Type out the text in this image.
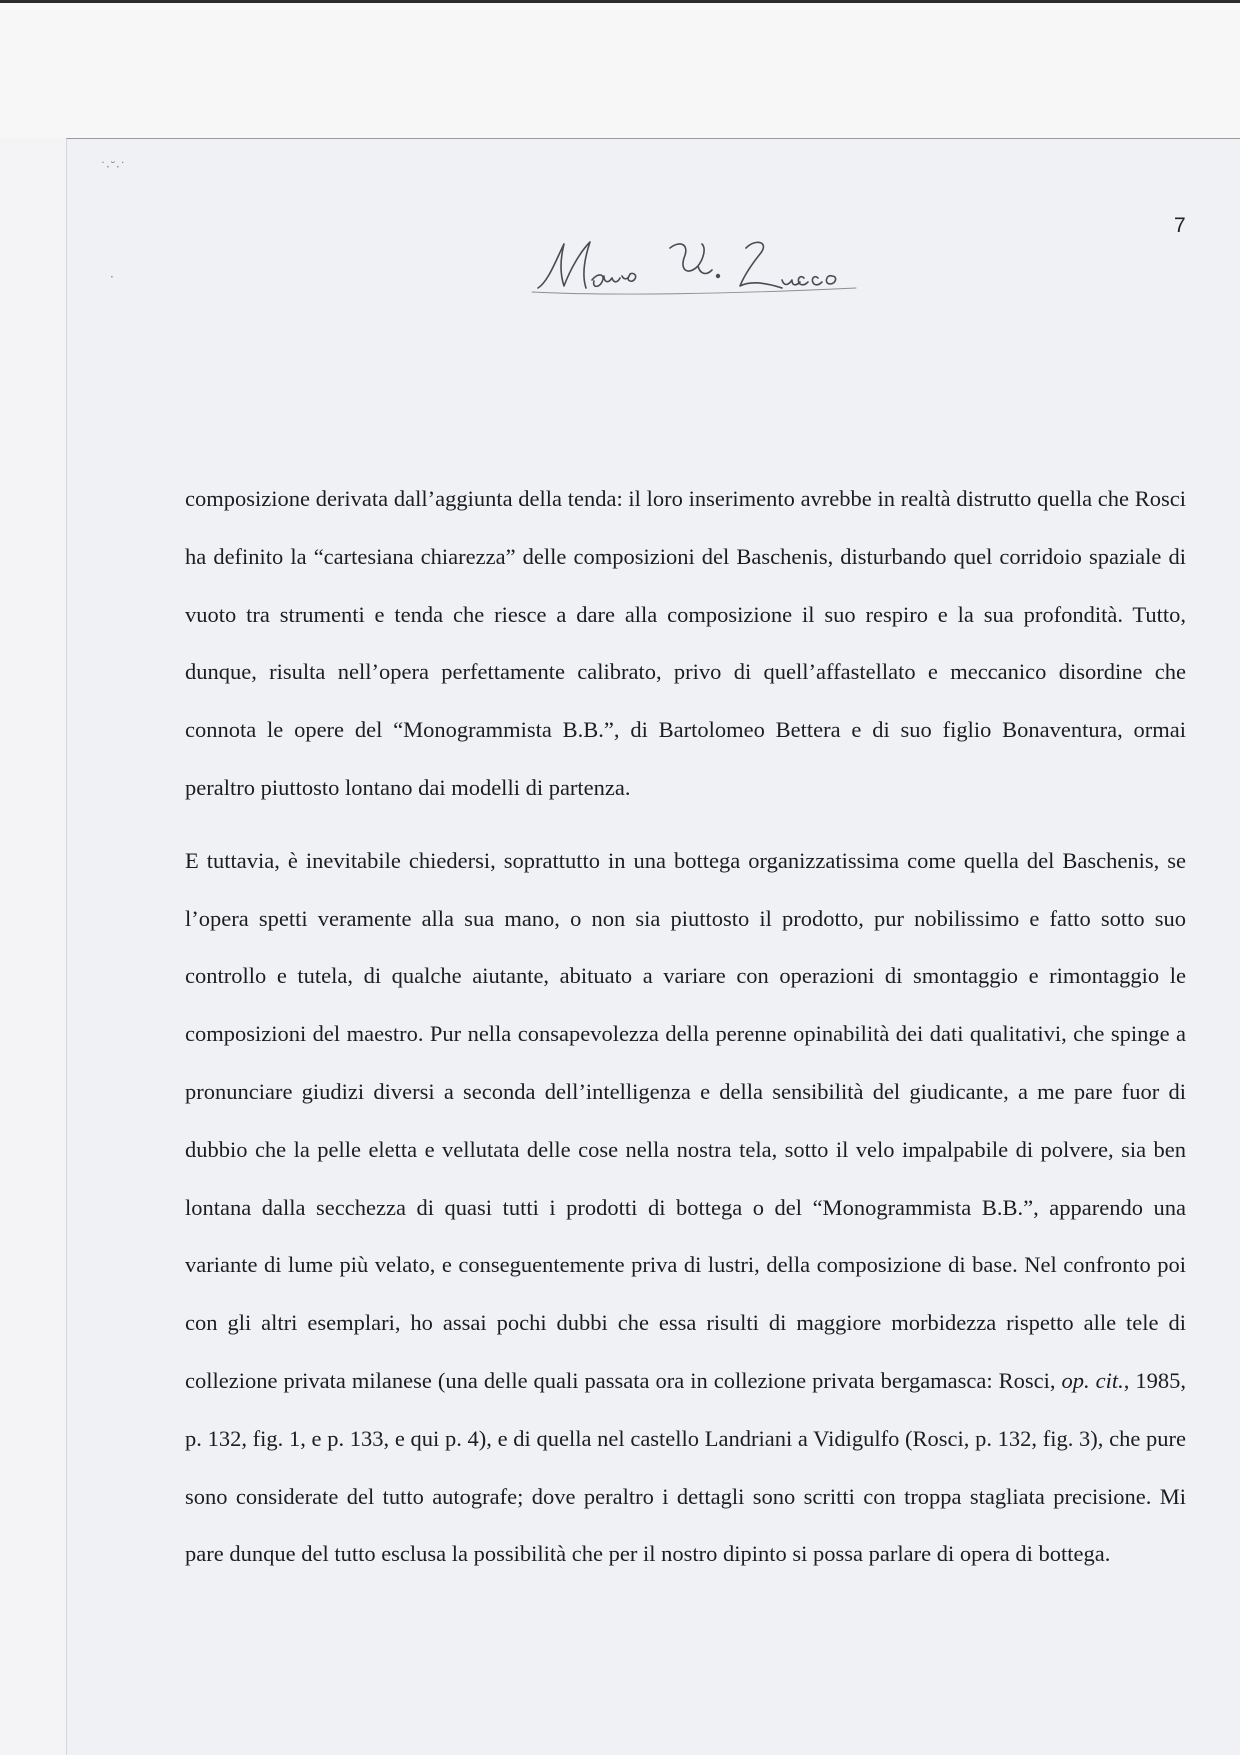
˙·˘·˙
·
7

composizione derivata dall’aggiunta della tenda: il loro inserimento avrebbe in realtà distrutto quella che Rosci ha definito la “cartesiana chiarezza” delle composizioni del Baschenis, disturbando quel corridoio spaziale di vuoto tra strumenti e tenda che riesce a dare alla composizione il suo respiro e la sua profondità. Tutto, dunque, risulta nell’opera perfettamente calibrato, privo di quell’affastellato e meccanico disordine che connota le opere del “Monogrammista B.B.”, di Bartolomeo Bettera e di suo figlio Bonaventura, ormai peraltro piuttosto lontano dai modelli di partenza.

E tuttavia, è inevitabile chiedersi, soprattutto in una bottega organizzatissima come quella del Baschenis, se l’opera spetti veramente alla sua mano, o non sia piuttosto il prodotto, pur nobilissimo e fatto sotto suo controllo e tutela, di qualche aiutante, abituato a variare con operazioni di smontaggio e rimontaggio le composizioni del maestro. Pur nella consapevolezza della perenne opinabilità dei dati qualitativi, che spinge a pronunciare giudizi diversi a seconda dell’intelligenza e della sensibilità del giudicante, a me pare fuor di dubbio che la pelle eletta e vellutata delle cose nella nostra tela, sotto il velo impalpabile di polvere, sia ben lontana dalla secchezza di quasi tutti i prodotti di bottega o del “Monogrammista B.B.”, apparendo una variante di lume più velato, e conseguentemente priva di lustri, della composizione di base. Nel confronto poi con gli altri esemplari, ho assai pochi dubbi che essa risulti di maggiore morbidezza rispetto alle tele di collezione privata milanese (una delle quali passata ora in collezione privata bergamasca: Rosci, op. cit., 1985, p. 132, fig. 1, e p. 133, e qui p. 4), e di quella nel castello Landriani a Vidigulfo (Rosci, p. 132, fig. 3), che pure sono considerate del tutto autografe; dove peraltro i dettagli sono scritti con troppa stagliata precisione. Mi pare dunque del tutto esclusa la possibilità che per il nostro dipinto si possa parlare di opera di bottega.
